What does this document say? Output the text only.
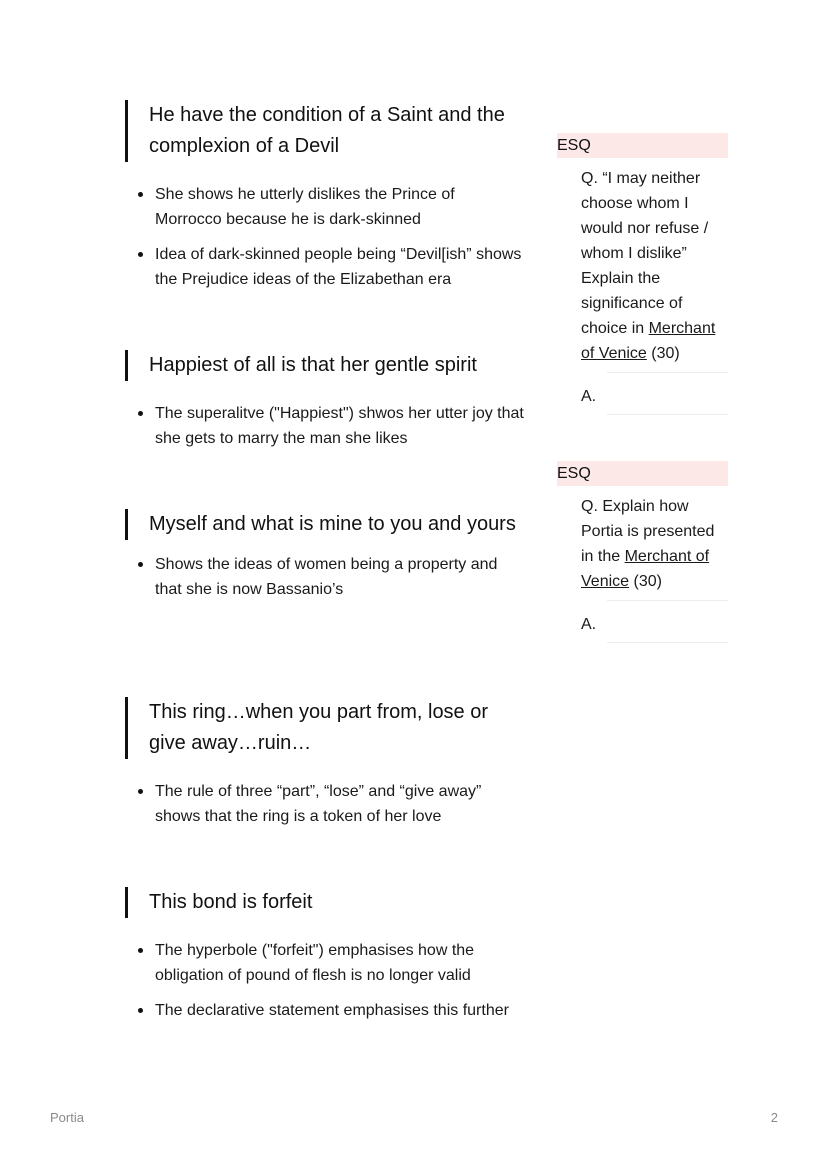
He have the condition of a Saint and the complexion of a Devil
She shows he utterly dislikes the Prince of Morrocco because he is dark-skinned
Idea of dark-skinned people being “Devil[ish” shows the Prejudice ideas of the Elizabethan era
Happiest of all is that her gentle spirit
The superalitve ("Happiest") shwos her utter joy that she gets to marry the man she likes
Myself and what is mine to you and yours
Shows the ideas of women being a property and that she is now Bassanio’s
This ring…when you part from, lose or give away…ruin…
The rule of three “part”, “lose” and “give away” shows that the ring is a token of her love
This bond is forfeit
The hyperbole ("forfeit") emphasises how the obligation of pound of flesh is no longer valid
The declarative statement emphasises this further
ESQ
Q. “I may neither choose whom I would nor refuse / whom I dislike” Explain the significance of choice in Merchant of Venice (30)
A.
ESQ
Q. Explain how Portia is presented in the Merchant of Venice (30)
A.
Portia	2
